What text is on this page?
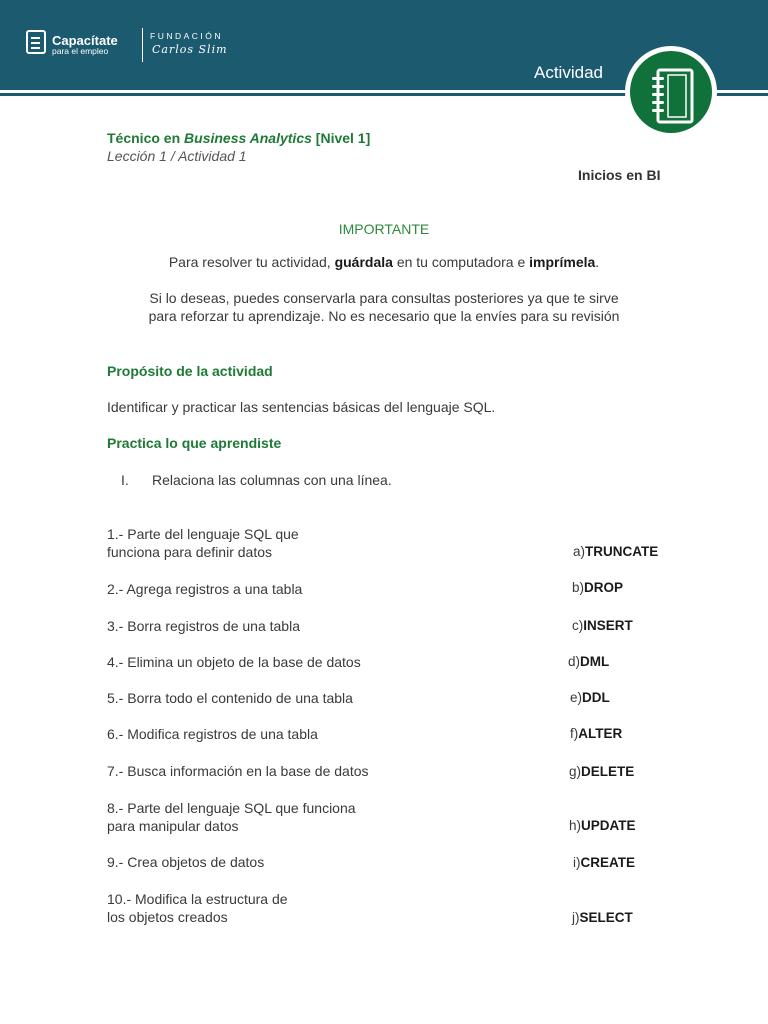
Capacítate
para el empleo
FUNDACIÓN
Carlos Slim
Actividad
Técnico en Business Analytics [Nivel 1]
Lección 1 / Actividad 1
Inicios en BI
IMPORTANTE
Para resolver tu actividad, guárdala en tu computadora e imprímela.
Si lo deseas, puedes conservarla para consultas posteriores ya que te sirve
para reforzar tu aprendizaje. No es necesario que la envíes para su revisión
Propósito de la actividad
Identificar y practicar las sentencias básicas del lenguaje SQL.
Practica lo que aprendiste
I. Relaciona las columnas con una línea.
1.- Parte del lenguaje SQL que
funciona para definir datos
2.- Agrega registros a una tabla
3.- Borra registros de una tabla
4.- Elimina un objeto de la base de datos
5.- Borra todo el contenido de una tabla
6.- Modifica registros de una tabla
7.- Busca información en la base de datos
8.- Parte del lenguaje SQL que funciona
para manipular datos
9.- Crea objetos de datos
10.- Modifica la estructura de
los objetos creados
a)TRUNCATE
b)DROP
c)INSERT
d)DML
e)DDL
f)ALTER
g)DELETE
h)UPDATE
i)CREATE
j)SELECT
